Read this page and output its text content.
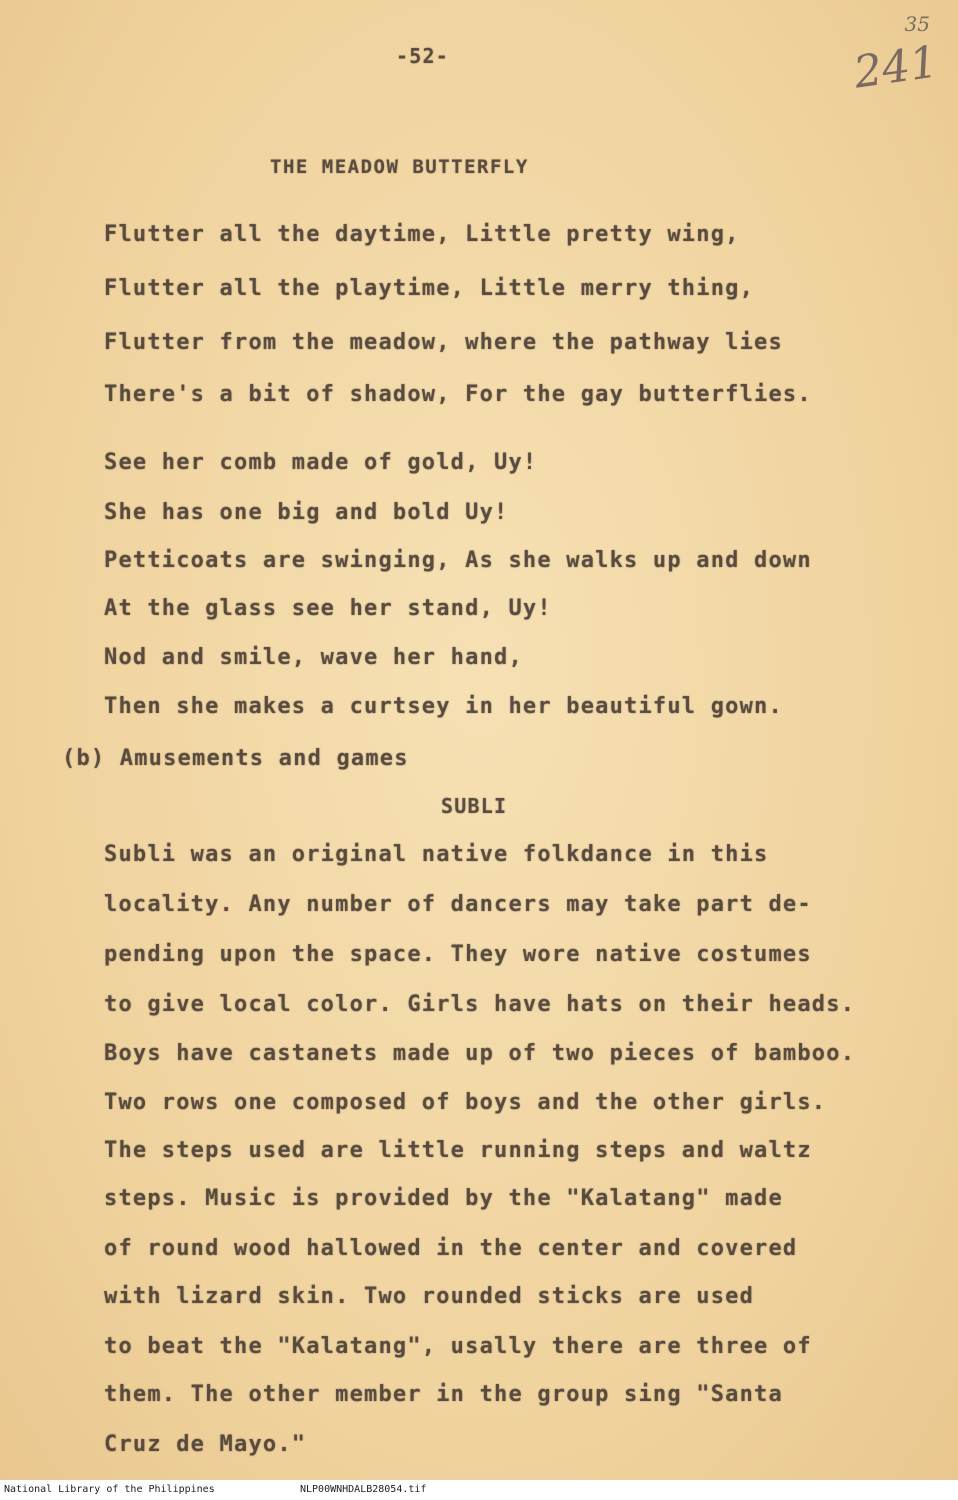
35
241
-52-
THE MEADOW BUTTERFLY
Flutter all the daytime, Little pretty wing,
Flutter all the playtime, Little merry thing,
Flutter from the meadow, where the pathway lies
There's a bit of shadow, For the gay butterflies.
See her comb made of gold, Uy!
She has one big and bold Uy!
Petticoats are swinging, As she walks up and down
At the glass see her stand, Uy!
Nod and smile, wave her hand,
Then she makes a curtsey in her beautiful gown.
(b) Amusements and games
SUBLI
Subli was an original native folkdance in this
locality. Any number of dancers may take part de-
pending upon the space. They wore native costumes
to give local color. Girls have hats on their heads.
Boys have castanets made up of two pieces of bamboo.
Two rows one composed of boys and the other girls.
The steps used are little running steps and waltz
steps. Music is provided by the "Kalatang" made
of round wood hallowed in the center and covered
with lizard skin. Two rounded sticks are used
to beat the "Kalatang", usally there are three of
them. The other member in the group sing "Santa
Cruz de Mayo."
National Library of the Philippines	NLP00WNHDALB28054.tif
